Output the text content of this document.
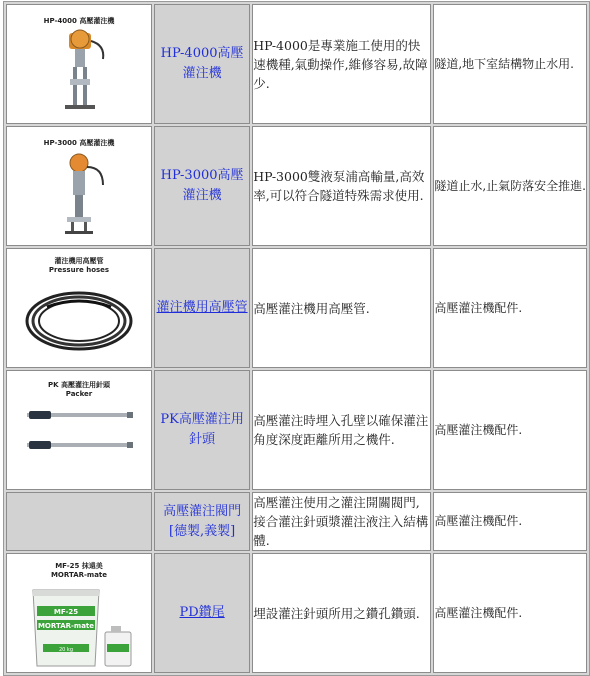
HP-4000 高壓灌注機	HP-4000高壓灌注機	HP-4000是專業施工使用的快速機種,氣動操作,維修容易,故障少.	隧道,地下室結構物止水用.

HP-3000 高壓灌注機	HP-3000高壓灌注機	HP-3000雙液泵浦高輸量,高效率,可以符合隧道特殊需求使用.	隧道止水,止氣防落安全推進.

灌注機用高壓管
Pressure hoses	灌注機用高壓管	高壓灌注機用高壓管.	高壓灌注機配件.

PK 高壓灌注用針頭
Packer	PK高壓灌注用針頭	高壓灌注時埋入孔壁以確保灌注角度深度距離所用之機件.	高壓灌注機配件.
	高壓灌注閥門[德製,義製]	高壓灌注使用之灌注開關閥門,接合灌注針頭漿灌注液注入結構體.	高壓灌注機配件.

MF-25 抹遠美
MORTAR-mate
MF-25
MORTAR-mate
20 kg	PD鑽尾	埋設灌注針頭所用之鑽孔鑽頭.	高壓灌注機配件.
